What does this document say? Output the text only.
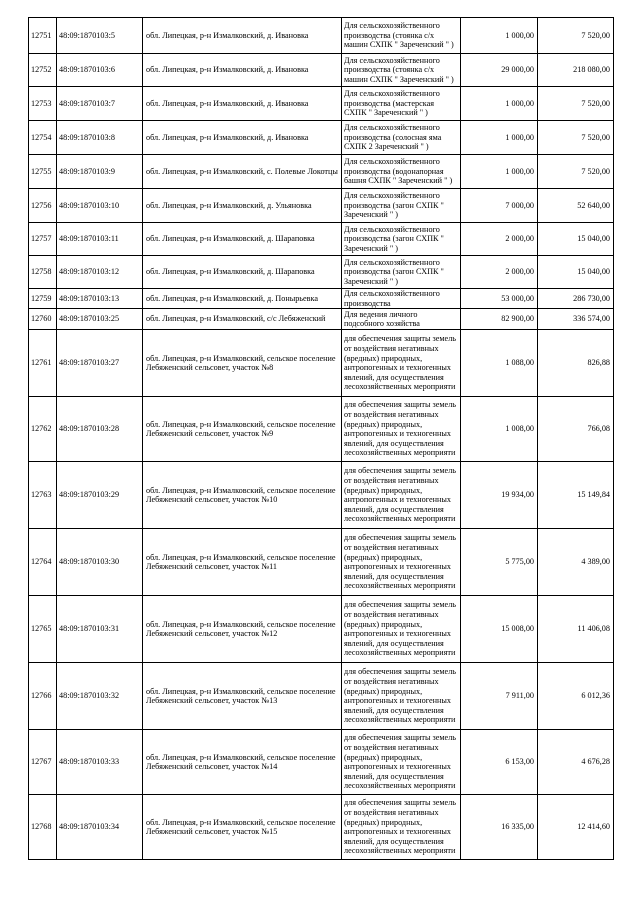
12751	48:09:1870103:5	обл. Липецкая, р-н Измалковский, д. Ивановка	Для сельскохозяйственного производства (стоянка с/х машин СХПК " Зареченский " )	1 000,00	7 520,00
12752	48:09:1870103:6	обл. Липецкая, р-н Измалковский, д. Ивановка	Для сельскохозяйственного производства (стоянка с/х машин СХПК " Зареченский " )	29 000,00	218 080,00
12753	48:09:1870103:7	обл. Липецкая, р-н Измалковский, д. Ивановка	Для сельскохозяйственного производства (мастерская СХПК " Зареченский " )	1 000,00	7 520,00
12754	48:09:1870103:8	обл. Липецкая, р-н Измалковский, д. Ивановка	Для сельскохозяйственного производства (солосная яма СХПК 2 Зареченский " )	1 000,00	7 520,00
12755	48:09:1870103:9	обл. Липецкая, р-н Измалковский, с. Полевые Локотцы	Для сельскохозяйственного производства (водонапорная башня СХПК " Зареченский " )	1 000,00	7 520,00
12756	48:09:1870103:10	обл. Липецкая, р-н Измалковский, д. Ульяновка	Для сельскохозяйственного производства (загон СХПК " Зареченский " )	7 000,00	52 640,00
12757	48:09:1870103:11	обл. Липецкая, р-н Измалковский, д. Шараповка	Для сельскохозяйственного производства (загон СХПК " Зареченский " )	2 000,00	15 040,00
12758	48:09:1870103:12	обл. Липецкая, р-н Измалковский, д. Шараповка	Для сельскохозяйственного производства (загон СХПК " Зареченский " )	2 000,00	15 040,00
12759	48:09:1870103:13	обл. Липецкая, р-н Измалковский, д. Понырьевка	Для сельскохозяйственного производства	53 000,00	286 730,00
12760	48:09:1870103:25	обл. Липецкая, р-н Измалковский, с/с Лебяженский	Для ведения личного подсобного хозяйства	82 900,00	336 574,00
12761	48:09:1870103:27	обл. Липецкая, р-н Измалковский, сельское поселение Лебяженский сельсовет, участок №8	для обеспечения защиты земель от воздействия негативных (вредных) природных, антропогенных и техногенных явлений, для осуществления лесохозяйственных мероприяти	1 088,00	826,88
12762	48:09:1870103:28	обл. Липецкая, р-н Измалковский, сельское поселение Лебяженский сельсовет, участок №9	для обеспечения защиты земель от воздействия негативных (вредных) природных, антропогенных и техногенных явлений, для осуществления лесохозяйственных мероприяти	1 008,00	766,08
12763	48:09:1870103:29	обл. Липецкая, р-н Измалковский, сельское поселение Лебяженский сельсовет, участок №10	для обеспечения защиты земель от воздействия негативных (вредных) природных, антропогенных и техногенных явлений, для осуществления лесохозяйственных мероприяти	19 934,00	15 149,84
12764	48:09:1870103:30	обл. Липецкая, р-н Измалковский, сельское поселение Лебяженский сельсовет, участок №11	для обеспечения защиты земель от воздействия негативных (вредных) природных, антропогенных и техногенных явлений, для осуществления лесохозяйственных мероприяти	5 775,00	4 389,00
12765	48:09:1870103:31	обл. Липецкая, р-н Измалковский, сельское поселение Лебяженский сельсовет, участок №12	для обеспечения защиты земель от воздействия негативных (вредных) природных, антропогенных и техногенных явлений, для осуществления лесохозяйственных мероприяти	15 008,00	11 406,08
12766	48:09:1870103:32	обл. Липецкая, р-н Измалковский, сельское поселение Лебяженский сельсовет, участок №13	для обеспечения защиты земель от воздействия негативных (вредных) природных, антропогенных и техногенных явлений, для осуществления лесохозяйственных мероприяти	7 911,00	6 012,36
12767	48:09:1870103:33	обл. Липецкая, р-н Измалковский, сельское поселение Лебяженский сельсовет, участок №14	для обеспечения защиты земель от воздействия негативных (вредных) природных, антропогенных и техногенных явлений, для осуществления лесохозяйственных мероприяти	6 153,00	4 676,28
12768	48:09:1870103:34	обл. Липецкая, р-н Измалковский, сельское поселение Лебяженский сельсовет, участок №15	для обеспечения защиты земель от воздействия негативных (вредных) природных, антропогенных и техногенных явлений, для осуществления лесохозяйственных мероприяти	16 335,00	12 414,60
